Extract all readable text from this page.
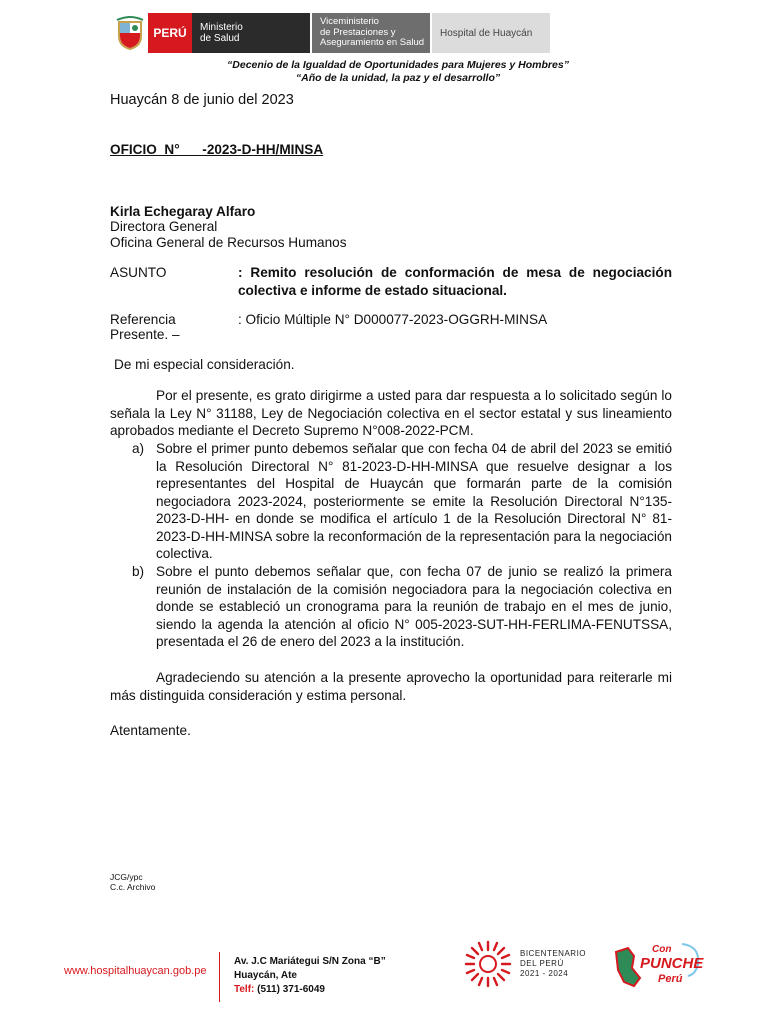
PERÚ	Ministerio
de Salud
Viceministerio
de Prestaciones y
Aseguramiento en Salud
Hospital de Huaycán
“Decenio de la Igualdad de Oportunidades para Mujeres y Hombres”
“Año de la unidad, la paz y el desarrollo”
Huaycán 8 de junio del 2023
OFICIO  N°      -2023-D-HH/MINSA
Kirla Echegaray Alfaro
Directora General
Oficina General de Recursos Humanos
ASUNTO	: Remito resolución de conformación de mesa de negociación colectiva e informe de estado situacional.
Referencia	: Oficio Múltiple N° D000077-2023-OGGRH-MINSA
Presente. –
De mi especial consideración.
Por el presente, es grato dirigirme a usted para dar respuesta a lo solicitado según lo señala la Ley N° 31188, Ley de Negociación colectiva en el sector estatal y sus lineamiento aprobados mediante el Decreto Supremo N°008-2022-PCM.
a) Sobre el primer punto debemos señalar que con fecha 04 de abril del 2023 se emitió la Resolución Directoral N° 81-2023-D-HH-MINSA que resuelve designar a los representantes del Hospital de Huaycán que formarán parte de la comisión negociadora 2023-2024, posteriormente se emite la Resolución Directoral N°135-2023-D-HH- en donde se modifica el artículo 1 de la Resolución Directoral N° 81-2023-D-HH-MINSA sobre la reconformación de la representación para la negociación colectiva.
b) Sobre el punto debemos señalar que, con fecha 07 de junio se realizó la primera reunión de instalación de la comisión negociadora para la negociación colectiva en donde se estableció un cronograma para la reunión de trabajo en el mes de junio, siendo la agenda la atención al oficio N° 005-2023-SUT-HH-FERLIMA-FENUTSSA, presentada el 26 de enero del 2023 a la institución.
Agradeciendo su atención a la presente aprovecho la oportunidad para reiterarle mi más distinguida consideración y estima personal.
Atentamente.
JCG/ypc
C.c. Archivo
www.hospitalhuaycan.gob.pe
Av. J.C Mariátegui S/N Zona “B”
Huaycán, Ate
Telf: (511) 371-6049
BICENTENARIO
DEL PERÚ
2021 - 2024
Con
PUNCHE
Perú
